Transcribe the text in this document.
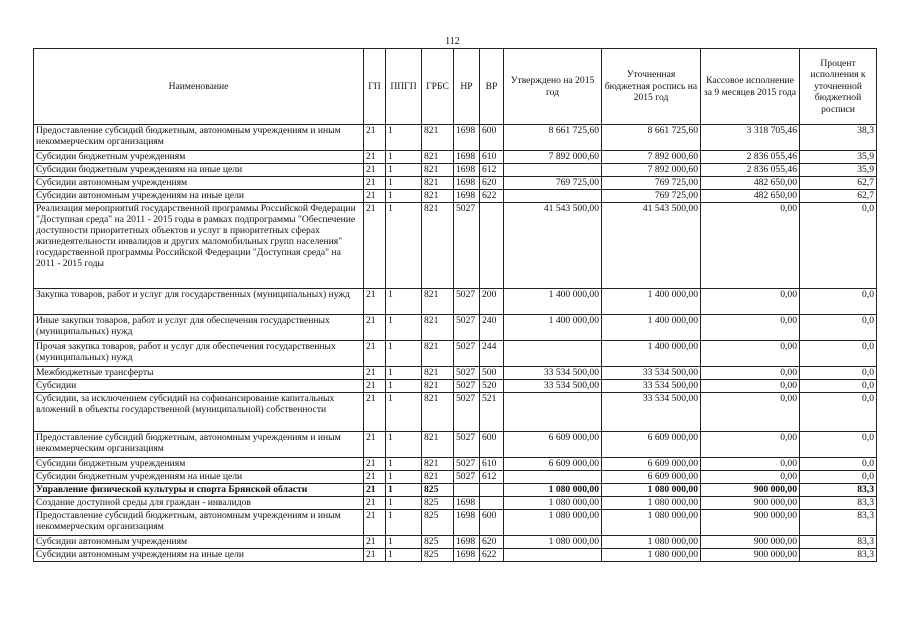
112
Наименование	ГП	ППГП	ГРБС	НР	ВР	Утверждено на 2015 год	Уточненная бюджетная роспись на 2015 год	Кассовое исполнение за 9 месяцев 2015 года	Процент исполнения к уточненной бюджетной росписи
Предоставление субсидий бюджетным, автономным учреждениям и иным некоммерческим организациям	21	1	821	1698	600	8 661 725,60	8 661 725,60	3 318 705,46	38,3
Субсидии бюджетным учреждениям	21	1	821	1698	610	7 892 000,60	7 892 000,60	2 836 055,46	35,9
Субсидии бюджетным учреждениям на иные цели	21	1	821	1698	612		7 892 000,60	2 836 055,46	35,9
Субсидии автономным учреждениям	21	1	821	1698	620	769 725,00	769 725,00	482 650,00	62,7
Субсидии автономным учреждениям на иные цели	21	1	821	1698	622		769 725,00	482 650,00	62,7
Реализация мероприятий государственной программы Российской Федерации "Доступная среда" на 2011 - 2015 годы в рамках подпрограммы "Обеспечение доступности приоритетных объектов и услуг в приоритетных сферах жизнедеятельности инвалидов и других маломобильных групп населения" государственной программы Российской Федерации "Доступная среда" на 2011 - 2015 годы	21	1	821	5027		41 543 500,00	41 543 500,00	0,00	0,0
Закупка товаров, работ и услуг для государственных (муниципальных) нужд	21	1	821	5027	200	1 400 000,00	1 400 000,00	0,00	0,0
Иные закупки товаров, работ и услуг для обеспечения государственных (муниципальных) нужд	21	1	821	5027	240	1 400 000,00	1 400 000,00	0,00	0,0
Прочая закупка товаров, работ и услуг для обеспечения государственных (муниципальных) нужд	21	1	821	5027	244		1 400 000,00	0,00	0,0
Межбюджетные трансферты	21	1	821	5027	500	33 534 500,00	33 534 500,00	0,00	0,0
Субсидии	21	1	821	5027	520	33 534 500,00	33 534 500,00	0,00	0,0
Субсидии, за исключением субсидий на софинансирование капитальных вложений в объекты государственной (муниципальной) собственности	21	1	821	5027	521		33 534 500,00	0,00	0,0
Предоставление субсидий бюджетным, автономным учреждениям и иным некоммерческим организациям	21	1	821	5027	600	6 609 000,00	6 609 000,00	0,00	0,0
Субсидии бюджетным учреждениям	21	1	821	5027	610	6 609 000,00	6 609 000,00	0,00	0,0
Субсидии бюджетным учреждениям на иные цели	21	1	821	5027	612		6 609 000,00	0,00	0,0
Управление физической культуры и спорта Брянской области	21	1	825			1 080 000,00	1 080 000,00	900 000,00	83,3
Создание доступной среды для граждан - инвалидов	21	1	825	1698		1 080 000,00	1 080 000,00	900 000,00	83,3
Предоставление субсидий бюджетным, автономным учреждениям и иным некоммерческим организациям	21	1	825	1698	600	1 080 000,00	1 080 000,00	900 000,00	83,3
Субсидии автономным учреждениям	21	1	825	1698	620	1 080 000,00	1 080 000,00	900 000,00	83,3
Субсидии автономным учреждениям на иные цели	21	1	825	1698	622		1 080 000,00	900 000,00	83,3
